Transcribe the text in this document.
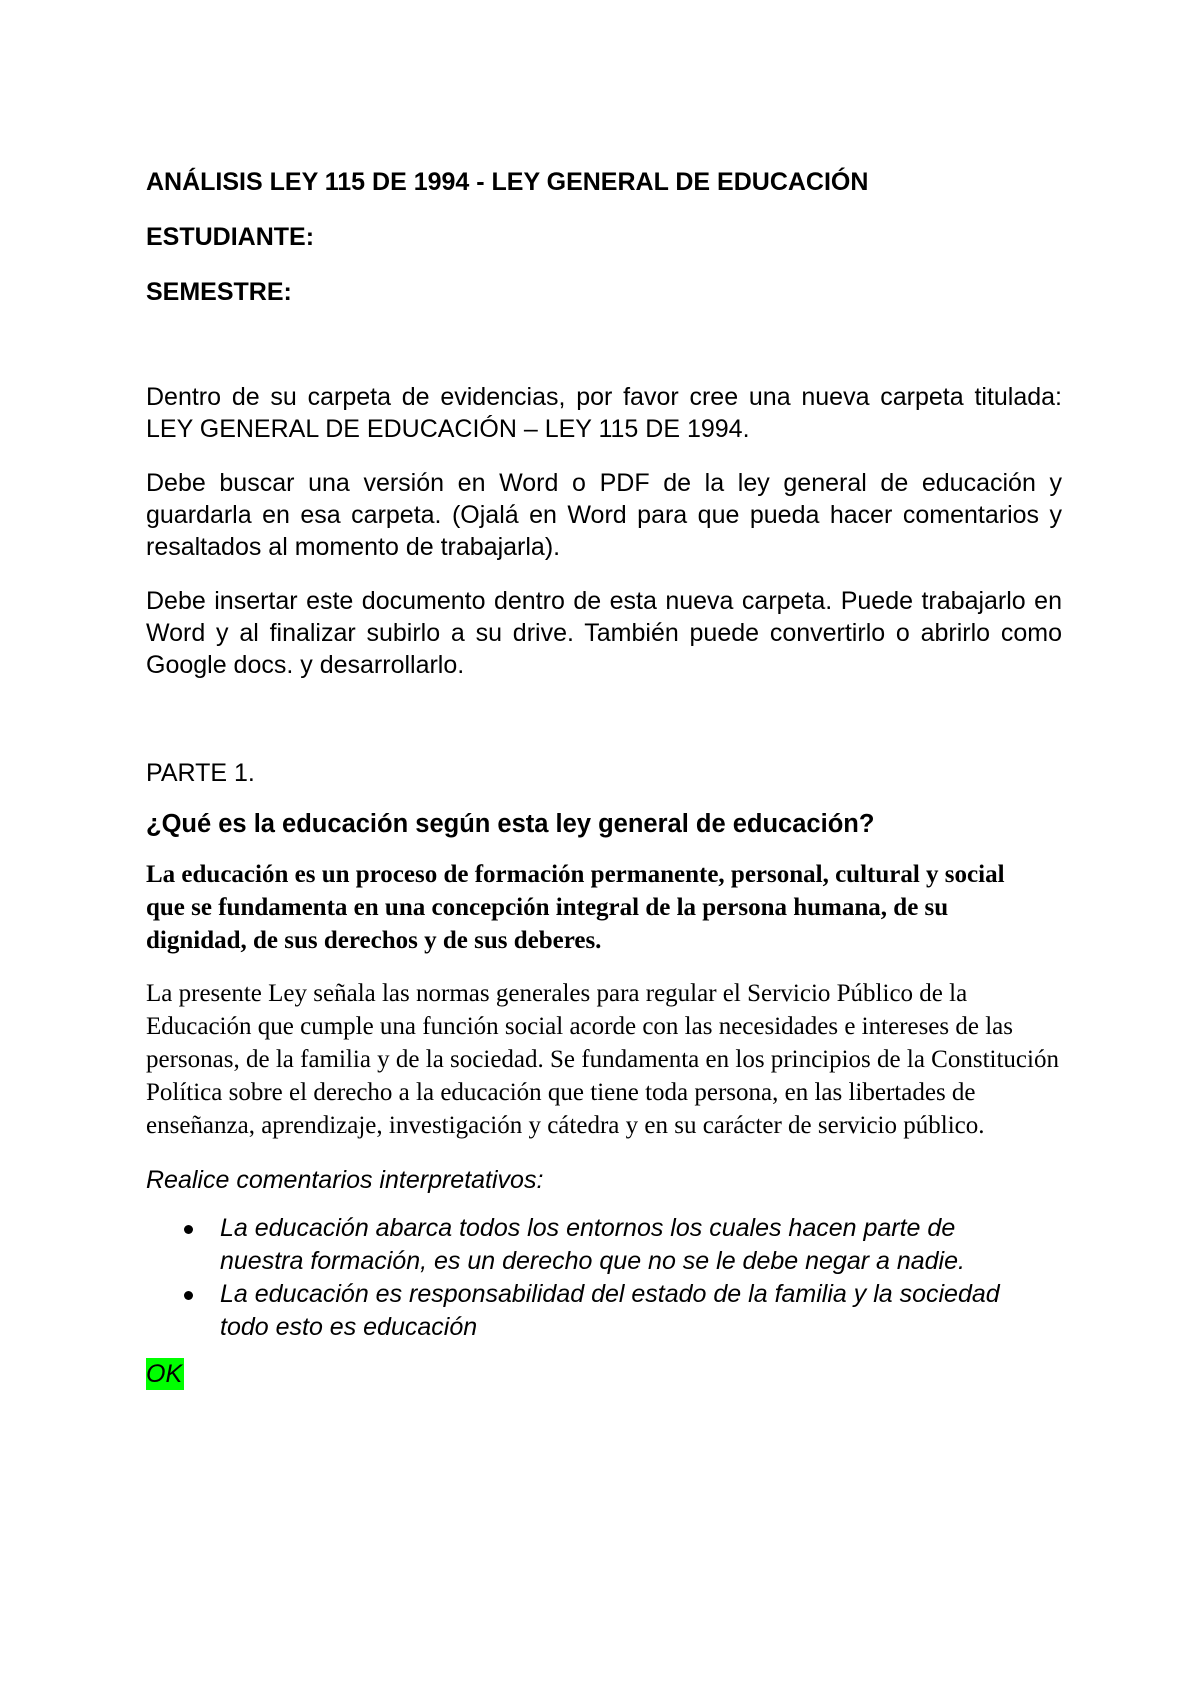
ANÁLISIS LEY 115 DE 1994 - LEY GENERAL DE EDUCACIÓN
ESTUDIANTE:
SEMESTRE:

Dentro de su carpeta de evidencias, por favor cree una nueva carpeta titulada: LEY GENERAL DE EDUCACIÓN – LEY 115 DE 1994.

Debe buscar una versión en Word o PDF de la ley general de educación y guardarla en esa carpeta. (Ojalá en Word para que pueda hacer comentarios y resaltados al momento de trabajarla).

Debe insertar este documento dentro de esta nueva carpeta. Puede trabajarlo en Word y al finalizar subirlo a su drive. También puede convertirlo o abrirlo como Google docs. y desarrollarlo.

PARTE 1.
¿Qué es la educación según esta ley general de educación?

La educación es un proceso de formación permanente, personal, cultural y social que se fundamenta en una concepción integral de la persona humana, de su dignidad, de sus derechos y de sus deberes.

La presente Ley señala las normas generales para regular el Servicio Público de la Educación que cumple una función social acorde con las necesidades e intereses de las personas, de la familia y de la sociedad. Se fundamenta en los principios de la Constitución Política sobre el derecho a la educación que tiene toda persona, en las libertades de enseñanza, aprendizaje, investigación y cátedra y en su carácter de servicio público.

Realice comentarios interpretativos:

La educación abarca todos los entornos los cuales hacen parte de nuestra formación, es un derecho que no se le debe negar a nadie.
La educación es responsabilidad del estado de la familia y la sociedad todo esto es educación
OK
